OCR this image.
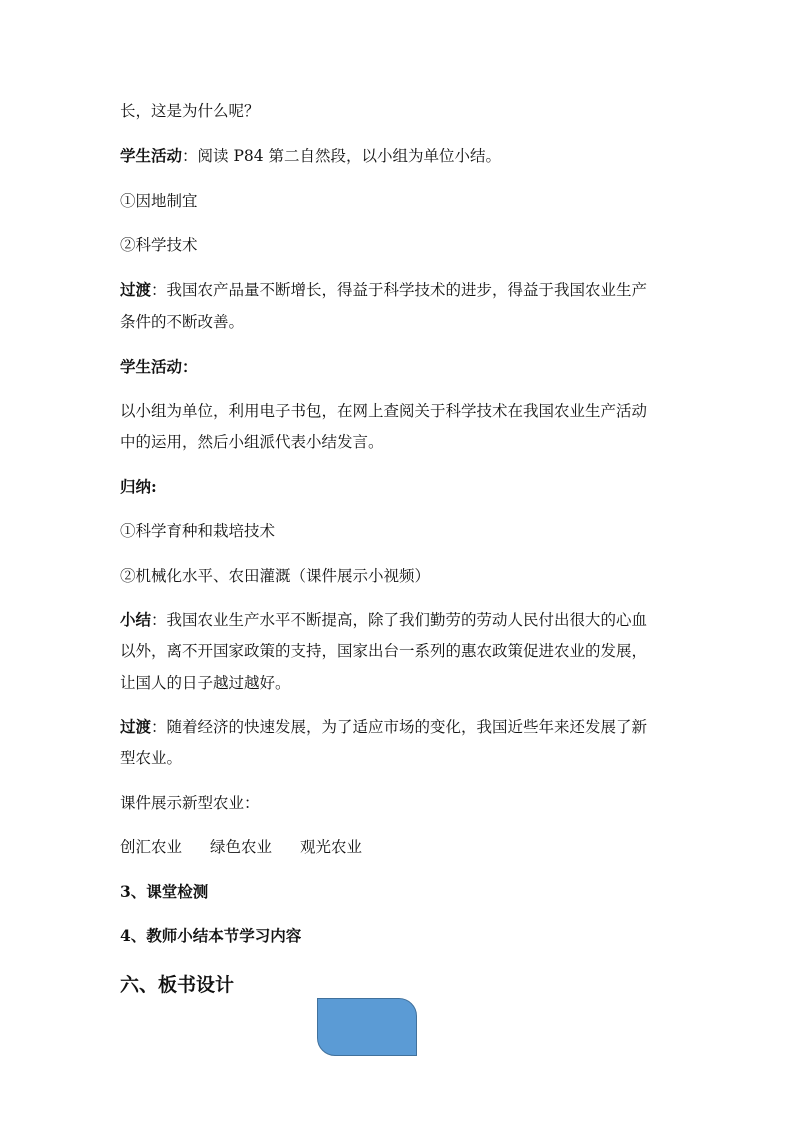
长，这是为什么呢？
学生活动：阅读 P84 第二自然段，以小组为单位小结。
①因地制宜
②科学技术
过渡：我国农产品量不断增长，得益于科学技术的进步，得益于我国农业生产
条件的不断改善。
学生活动：
以小组为单位，利用电子书包，在网上查阅关于科学技术在我国农业生产活动
中的运用，然后小组派代表小结发言。
归纳:
①科学育种和栽培技术
②机械化水平、农田灌溉（课件展示小视频）
小结：我国农业生产水平不断提高，除了我们勤劳的劳动人民付出很大的心血
以外，离不开国家政策的支持，国家出台一系列的惠农政策促进农业的发展，
让国人的日子越过越好。
过渡：随着经济的快速发展，为了适应市场的变化，我国近些年来还发展了新
型农业。
课件展示新型农业：
创汇农业 绿色农业 观光农业
3、课堂检测
4、教师小结本节学习内容
六、板书设计
